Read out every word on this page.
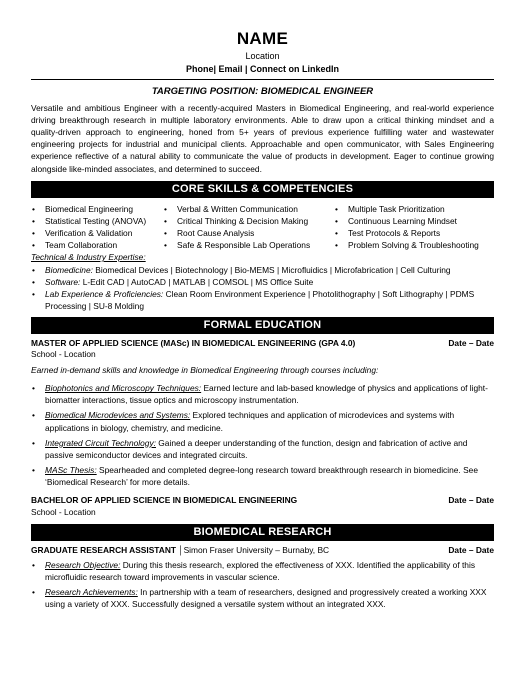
NAME
Location
Phone| Email | Connect on LinkedIn
TARGETING POSITION: BIOMEDICAL ENGINEER

Versatile and ambitious Engineer with a recently-acquired Masters in Biomedical Engineering, and real-world experience driving breakthrough research in multiple laboratory environments. Able to draw upon a critical thinking mindset and a quality-driven approach to engineering, honed from 5+ years of previous experience fulfilling water and wastewater engineering projects for industrial and municipal clients. Approachable and open communicator, with Sales Engineering experience reflective of a natural ability to communicate the value of products in development. Eager to continue growing alongside like-minded associates, and determined to succeed.

CORE SKILLS & COMPETENCIES
• Biomedical Engineering
• Statistical Testing (ANOVA)
• Verification & Validation
• Team Collaboration
• Verbal & Written Communication
• Critical Thinking & Decision Making
• Root Cause Analysis
• Safe & Responsible Lab Operations
• Multiple Task Prioritization
• Continuous Learning Mindset
• Test Protocols & Reports
• Problem Solving & Troubleshooting
Technical & Industry Expertise:
• Biomedicine: Biomedical Devices | Biotechnology | Bio-MEMS | Microfluidics | Microfabrication | Cell Culturing
• Software: L-Edit CAD | AutoCAD | MATLAB | COMSOL | MS Office Suite
• Lab Experience & Proficiencies: Clean Room Environment Experience | Photolithography | Soft Lithography | PDMS Processing | SU-8 Molding
FORMAL EDUCATION
MASTER OF APPLIED SCIENCE (MASc) IN BIOMEDICAL ENGINEERING (GPA 4.0)	Date – Date
School - Location
Earned in-demand skills and knowledge in Biomedical Engineering through courses including:
• Biophotonics and Microscopy Techniques: Earned lecture and lab-based knowledge of physics and applications of light-biomatter interactions, tissue optics and microscopy instrumentation.
• Biomedical Microdevices and Systems: Explored techniques and application of microdevices and systems with applications in biology, chemistry, and medicine.
• Integrated Circuit Technology: Gained a deeper understanding of the function, design and fabrication of active and passive semiconductor devices and integrated circuits.
• MASc Thesis: Spearheaded and completed degree-long research toward breakthrough research in biomedicine. See ‘Biomedical Research’ for more details.
BACHELOR OF APPLIED SCIENCE IN BIOMEDICAL ENGINEERING	Date – Date
School - Location
BIOMEDICAL RESEARCH
GRADUATE RESEARCH ASSISTANT │Simon Fraser University – Burnaby, BC	Date – Date
• Research Objective: During this thesis research, explored the effectiveness of XXX. Identified the applicability of this microfluidic research toward improvements in vascular science.
• Research Achievements: In partnership with a team of researchers, designed and progressively created a working XXX using a variety of XXX. Successfully designed a versatile system without an integrated XXX.
